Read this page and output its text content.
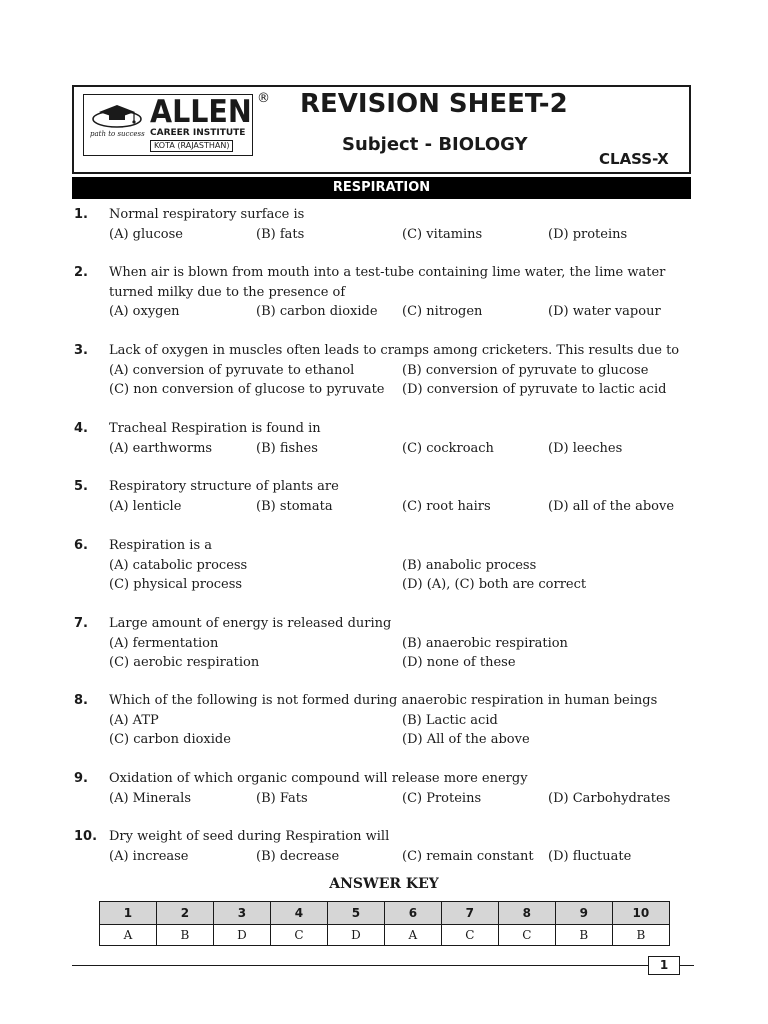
path to success
ALLEN
CAREER INSTITUTE
KOTA (RAJASTHAN)
® REVISION SHEET-2
Subject - BIOLOGY
CLASS-X
RESPIRATION
1. Normal respiratory surface is
(A) glucose	(B) fats	(C) vitamins	(D) proteins
2. When air is blown from mouth into a test-tube containing lime water, the lime water turned milky due to the presence of
(A) oxygen	(B) carbon dioxide (C) nitrogen	(D) water vapour
3. Lack of oxygen in muscles often leads to cramps among cricketers. This results due to
(A) conversion of pyruvate to ethanol	(B) conversion of pyruvate to glucose
(C) non conversion of glucose to pyruvate (D) conversion of pyruvate to lactic acid
4. Tracheal Respiration is found in
(A) earthworms	(B) fishes	(C) cockroach	(D) leeches
5. Respiratory structure of plants are
(A) lenticle	(B) stomata	(C) root hairs	(D) all of the above
6. Respiration is a
(A) catabolic process	(B) anabolic process
(C) physical process	(D) (A), (C) both are correct
7. Large amount of energy is released during
(A) fermentation	(B) anaerobic respiration
(C) aerobic respiration	(D) none of these
8. Which of the following is not formed during anaerobic respiration in human beings
(A) ATP	(B) Lactic acid
(C) carbon dioxide	(D) All of the above
9. Oxidation of which organic compound will release more energy
(A) Minerals	(B) Fats	(C) Proteins	(D) Carbohydrates
10. Dry weight of seed during Respiration will
(A) increase	(B) decrease	(C) remain constant (D) fluctuate
ANSWER KEY
1	2	3	4	5	6	7	8	9	10
A	B	D	C	D	A	C	C	B	B
1
